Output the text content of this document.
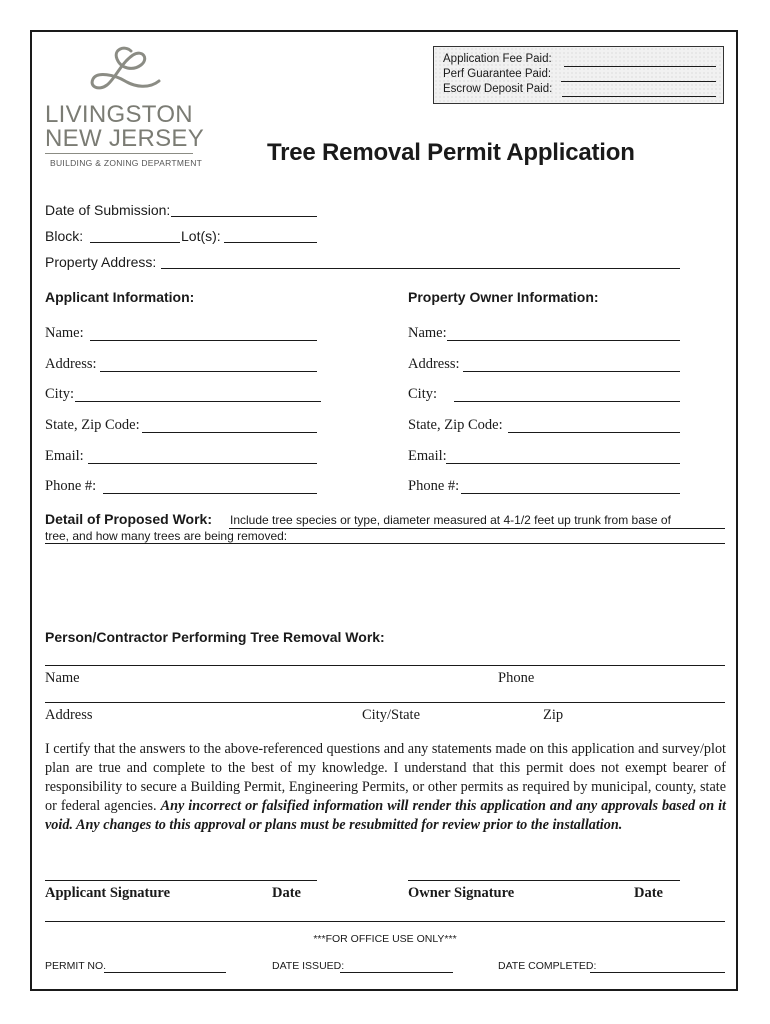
Application Fee Paid:
Perf Guarantee Paid:
Escrow Deposit Paid:
LIVINGSTON
NEW JERSEY
BUILDING & ZONING DEPARTMENT	Tree Removal Permit Application
Date of Submission:
Block:	Lot(s):
Property Address:
Applicant Information:
Name:
Address:
City:
State, Zip Code:
Email:
Phone #:
Property Owner Information:
Name:
Address:
City:
State, Zip Code:
Email:
Phone #:
Detail of Proposed Work: Include tree species or type, diameter measured at 4-1/2 feet up trunk from base of
tree, and how many trees are being removed:
Person/Contractor Performing Tree Removal Work:
Name	Phone
Address	City/State	Zip
I certify that the answers to the above-referenced questions and any statements made on this application and survey/plot plan are true and complete to the best of my knowledge. I understand that this permit does not exempt bearer of responsibility to secure a Building Permit, Engineering Permits, or other permits as required by municipal, county, state or federal agencies. Any incorrect or falsified information will render this application and any approvals based on it void. Any changes to this approval or plans must be resubmitted for review prior to the installation.
Applicant Signature	Date	Owner Signature	Date
***FOR OFFICE USE ONLY***
PERMIT NO.	DATE ISSUED:	DATE COMPLETED:
